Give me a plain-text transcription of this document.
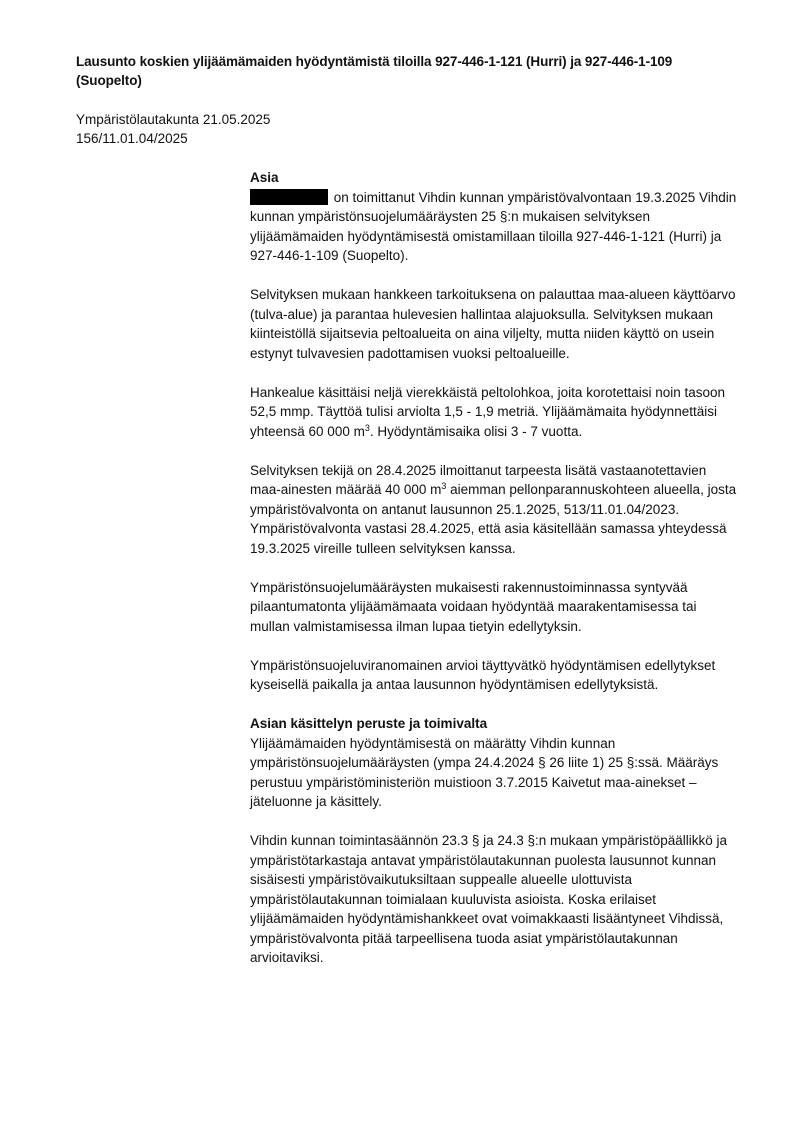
Lausunto koskien ylijäämämaiden hyödyntämistä tiloilla 927-446-1-121 (Hurri) ja 927-446-1-109 (Suopelto)
Ympäristölautakunta 21.05.2025
156/11.01.04/2025
Asia

on toimittanut Vihdin kunnan ympäristövalvontaan 19.3.2025 Vihdin kunnan ympäristönsuojelumääräysten 25 §:n mukaisen selvityksen ylijäämämaiden hyödyntämisestä omistamillaan tiloilla 927-446-1-121 (Hurri) ja 927-446-1-109 (Suopelto).

Selvityksen mukaan hankkeen tarkoituksena on palauttaa maa-alueen käyttöarvo (tulva-alue) ja parantaa hulevesien hallintaa alajuoksulla. Selvityksen mukaan kiinteistöllä sijaitsevia peltoalueita on aina viljelty, mutta niiden käyttö on usein estynyt tulvavesien padottamisen vuoksi peltoalueille.

Hankealue käsittäisi neljä vierekkäistä peltolohkoa, joita korotettaisi noin tasoon 52,5 mmp. Täyttöä tulisi arviolta 1,5 - 1,9 metriä. Ylijäämämaita hyödynnettäisi yhteensä 60 000 $m^3$. Hyödyntämisaika olisi 3 - 7 vuotta.

Selvityksen tekijä on 28.4.2025 ilmoittanut tarpeesta lisätä vastaanotettavien maa-ainesten määrää 40 000 $m^3$ aiemman pellonparannuskohteen alueella, josta ympäristövalvonta on antanut lausunnon 25.1.2025, 513/11.01.04/2023. Ympäristövalvonta vastasi 28.4.2025, että asia käsitellään samassa yhteydessä 19.3.2025 vireille tulleen selvityksen kanssa.

Ympäristönsuojelumääräysten mukaisesti rakennustoiminnassa syntyvää pilaantumatonta ylijäämämaata voidaan hyödyntää maarakentamisessa tai mullan valmistamisessa ilman lupaa tietyin edellytyksin.

Ympäristönsuojeluviranomainen arvioi täyttyvätkö hyödyntämisen edellytykset kyseisellä paikalla ja antaa lausunnon hyödyntämisen edellytyksistä.

Asian käsittelyn peruste ja toimivalta

Ylijäämämaiden hyödyntämisestä on määrätty Vihdin kunnan ympäristönsuojelumääräysten (ympa 24.4.2024 § 26 liite 1) 25 §:ssä. Määräys perustuu ympäristöministeriön muistioon 3.7.2015 Kaivetut maa-ainekset – jäteluonne ja käsittely.

Vihdin kunnan toimintasäännön 23.3 § ja 24.3 §:n mukaan ympäristöpäällikkö ja ympäristötarkastaja antavat ympäristölautakunnan puolesta lausunnot kunnan sisäisesti ympäristövaikutuksiltaan suppealle alueelle ulottuvista ympäristölautakunnan toimialaan kuuluvista asioista. Koska erilaiset ylijäämämaiden hyödyntämishankkeet ovat voimakkaasti lisääntyneet Vihdissä, ympäristövalvonta pitää tarpeellisena tuoda asiat ympäristölautakunnan arvioitaviksi.
